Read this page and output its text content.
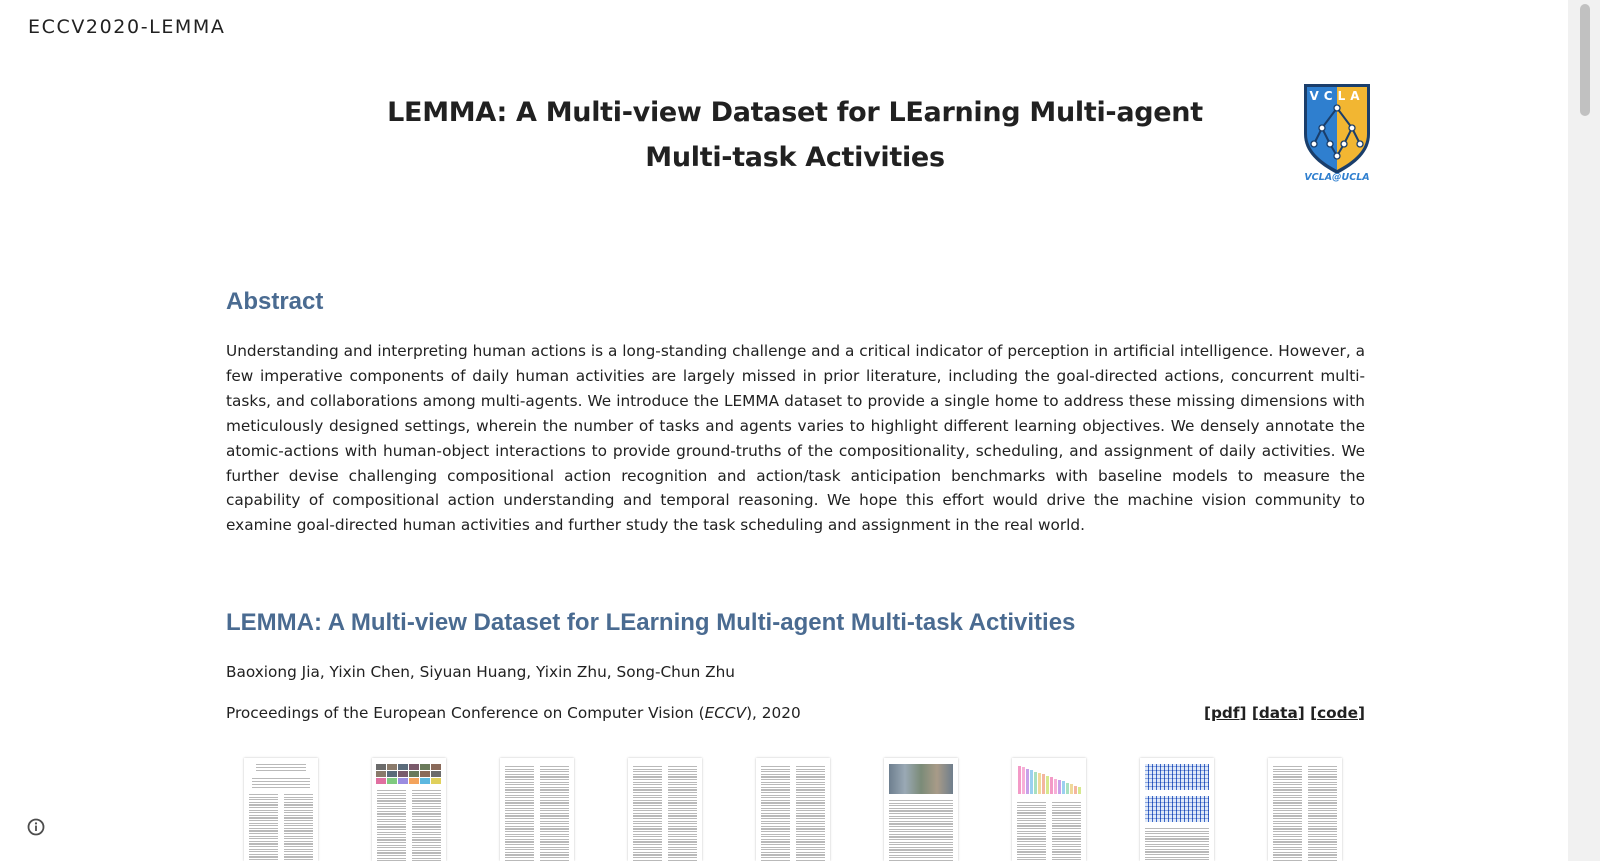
ECCV2020-LEMMA
LEMMA: A Multi-view Dataset for LEarning Multi-agent Multi-task Activities
VCLA
VCLA@UCLA
Abstract

Understanding and interpreting human actions is a long-standing challenge and a critical indicator of perception in artificial intelligence. However, a few imperative components of daily human activities are largely missed in prior literature, including the goal-directed actions, concurrent multi-tasks, and collaborations among multi-agents. We introduce the LEMMA dataset to provide a single home to address these missing dimensions with meticulously designed settings, wherein the number of tasks and agents varies to highlight different learning objectives. We densely annotate the atomic-actions with human-object interactions to provide ground-truths of the compositionality, scheduling, and assignment of daily activities. We further devise challenging compositional action recognition and action/task anticipation benchmarks with baseline models to measure the capability of compositional action understanding and temporal reasoning. We hope this effort would drive the machine vision community to examine goal-directed human activities and further study the task scheduling and assignment in the real world.

LEMMA: A Multi-view Dataset for LEarning Multi-agent Multi-task Activities

Baoxiong Jia, Yixin Chen, Siyuan Huang, Yixin Zhu, Song-Chun Zhu

Proceedings of the European Conference on Computer Vision (ECCV), 2020	[pdf] [data] [code]
